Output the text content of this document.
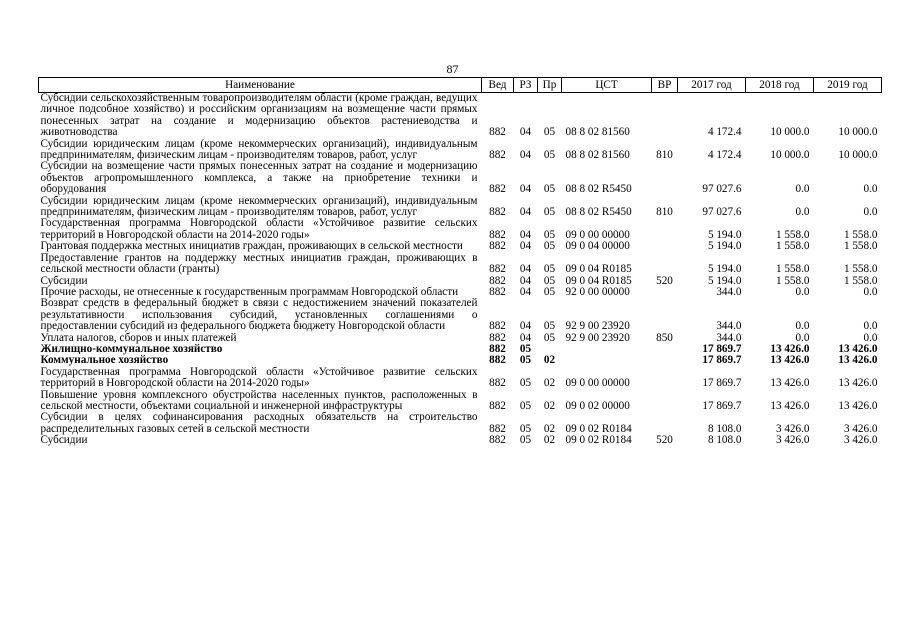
87
Наименование	Вед	РЗ	Пр	ЦСТ	ВР	2017 год	2018 год	2019 год
Субсидии сельскохозяйственным товаропроизводителям области (кроме граждан, ведущих личное подсобное хозяйство) и российским организациям на возмещение части прямых понесенных затрат на создание и модернизацию объектов растениеводства и животноводства	882	04	05	08 8 02 81560		4 172.4	10 000.0	10 000.0
Субсидии юридическим лицам (кроме некоммерческих организаций), индивидуальным предпринимателям, физическим лицам - производителям товаров, работ, услуг	882	04	05	08 8 02 81560	810	4 172.4	10 000.0	10 000.0
Субсидии на возмещение части прямых понесенных затрат на создание и модернизацию объектов агропромышленного комплекса, а также на приобретение техники и оборудования	882	04	05	08 8 02 R5450		97 027.6	0.0	0.0
Субсидии юридическим лицам (кроме некоммерческих организаций), индивидуальным предпринимателям, физическим лицам - производителям товаров, работ, услуг	882	04	05	08 8 02 R5450	810	97 027.6	0.0	0.0
Государственная программа Новгородской области «Устойчивое развитие сельских территорий в Новгородской области на 2014-2020 годы»	882	04	05	09 0 00 00000		5 194.0	1 558.0	1 558.0
Грантовая поддержка местных инициатив граждан, проживающих в сельской местности	882	04	05	09 0 04 00000		5 194.0	1 558.0	1 558.0
Предоставление грантов на поддержку местных инициатив граждан, проживающих в сельской местности области (гранты)	882	04	05	09 0 04 R0185		5 194.0	1 558.0	1 558.0
Субсидии	882	04	05	09 0 04 R0185	520	5 194.0	1 558.0	1 558.0
Прочие расходы, не отнесенные к государственным программам Новгородской области	882	04	05	92 0 00 00000		344.0	0.0	0.0
Возврат средств в федеральный бюджет в связи с недостижением значений показателей результативности использования субсидий, установленных соглашениями о предоставлении субсидий из федерального бюджета бюджету Новгородской области	882	04	05	92 9 00 23920		344.0	0.0	0.0
Уплата налогов, сборов и иных платежей	882	04	05	92 9 00 23920	850	344.0	0.0	0.0
Жилищно-коммунальное хозяйство	882	05				17 869.7	13 426.0	13 426.0
Коммунальное хозяйство	882	05	02			17 869.7	13 426.0	13 426.0
Государственная программа Новгородской области «Устойчивое развитие сельских территорий в Новгородской области на 2014-2020 годы»	882	05	02	09 0 00 00000		17 869.7	13 426.0	13 426.0
Повышение уровня комплексного обустройства населенных пунктов, расположенных в сельской местности, объектами социальной и инженерной инфраструктуры	882	05	02	09 0 02 00000		17 869.7	13 426.0	13 426.0
Субсидии в целях софинансирования расходных обязательств на строительство распределительных газовых сетей в сельской местности	882	05	02	09 0 02 R0184		8 108.0	3 426.0	3 426.0
Субсидии	882	05	02	09 0 02 R0184	520	8 108.0	3 426.0	3 426.0
